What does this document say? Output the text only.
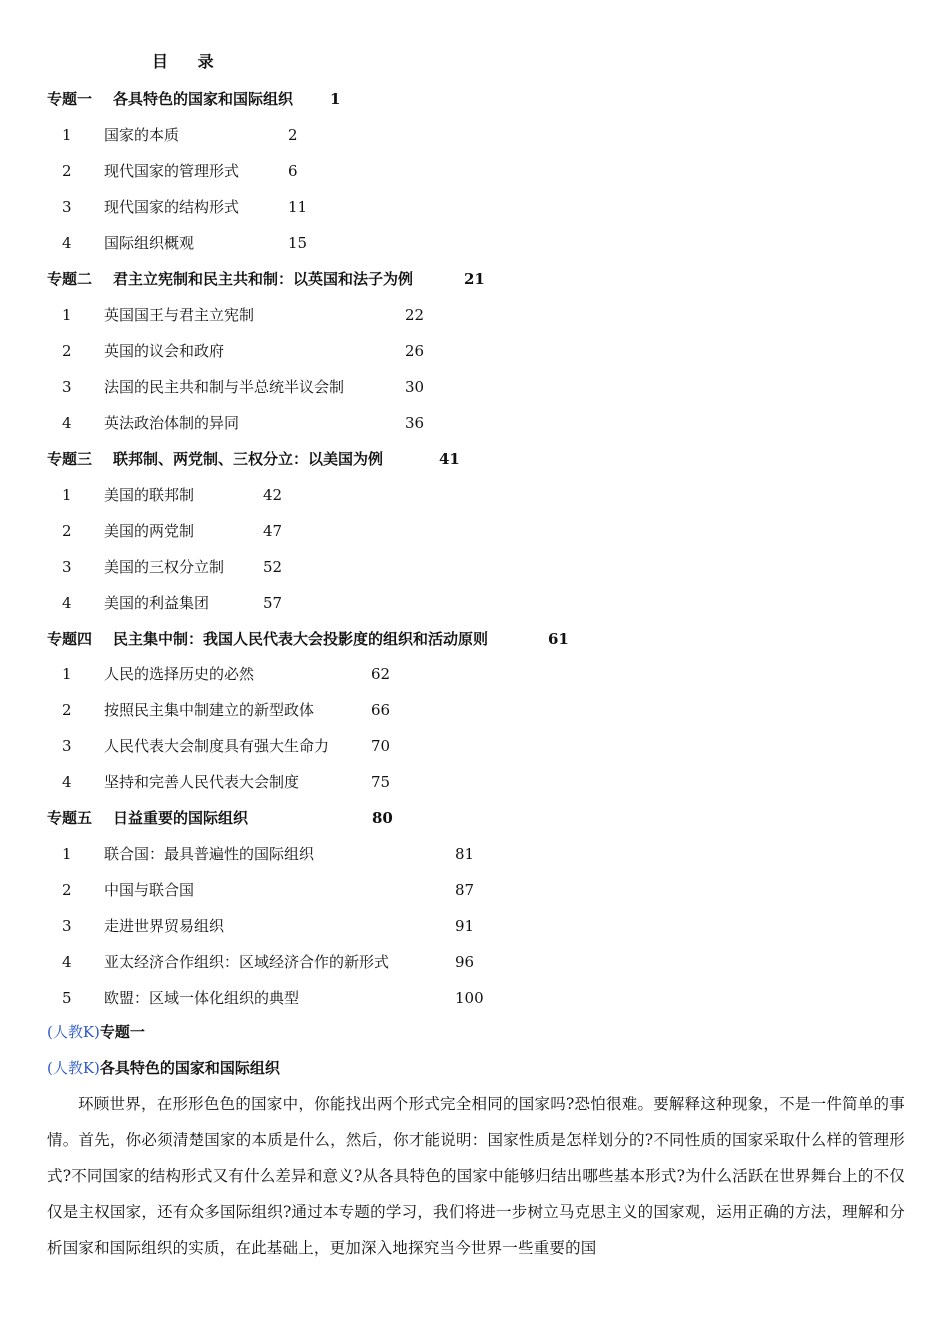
目 录
专题一 各具特色的国家和国际组织 1
1 国家的本质	2
2 现代国家的管理形式	6
3 现代国家的结构形式	11
4 国际组织概观	15
专题二 君主立宪制和民主共和制：以英国和法子为例	21
1 英国国王与君主立宪制	22
2 英国的议会和政府	26
3 法国的民主共和制与半总统半议会制	30
4 英法政治体制的异同	36
专题三 联邦制、两党制、三权分立：以美国为例	41
1 美国的联邦制	42
2 美国的两党制	47
3 美国的三权分立制	52
4 美国的利益集团	57
专题四 民主集中制：我国人民代表大会投影度的组织和活动原则	61
1 人民的选择历史的必然	62
2 按照民主集中制建立的新型政体	66
3 人民代表大会制度具有强大生命力	70
4 坚持和完善人民代表大会制度	75
专题五 日益重要的国际组织	80
1 联合国：最具普遍性的国际组织	81
2 中国与联合国	87
3 走进世界贸易组织	91
4 亚太经济合作组织：区域经济合作的新形式	96
5 欧盟：区域一体化组织的典型	100
(人教K)专题一
(人教K)各具特色的国家和国际组织
环顾世界，在形形色色的国家中，你能找出两个形式完全相同的国家吗?恐怕很难。要解释这种现象，不是一件简单的事情。首先，你必须清楚国家的本质是什么，然后，你才能说明：国家性质是怎样划分的?不同性质的国家采取什么样的管理形式?不同国家的结构形式又有什么差异和意义?从各具特色的国家中能够归结出哪些基本形式?为什么活跃在世界舞台上的不仅仅是主权国家，还有众多国际组织?通过本专题的学习，我们将进一步树立马克思主义的国家观，运用正确的方法，理解和分析国家和国际组织的实质，在此基础上，更加深入地探究当今世界一些重要的国
